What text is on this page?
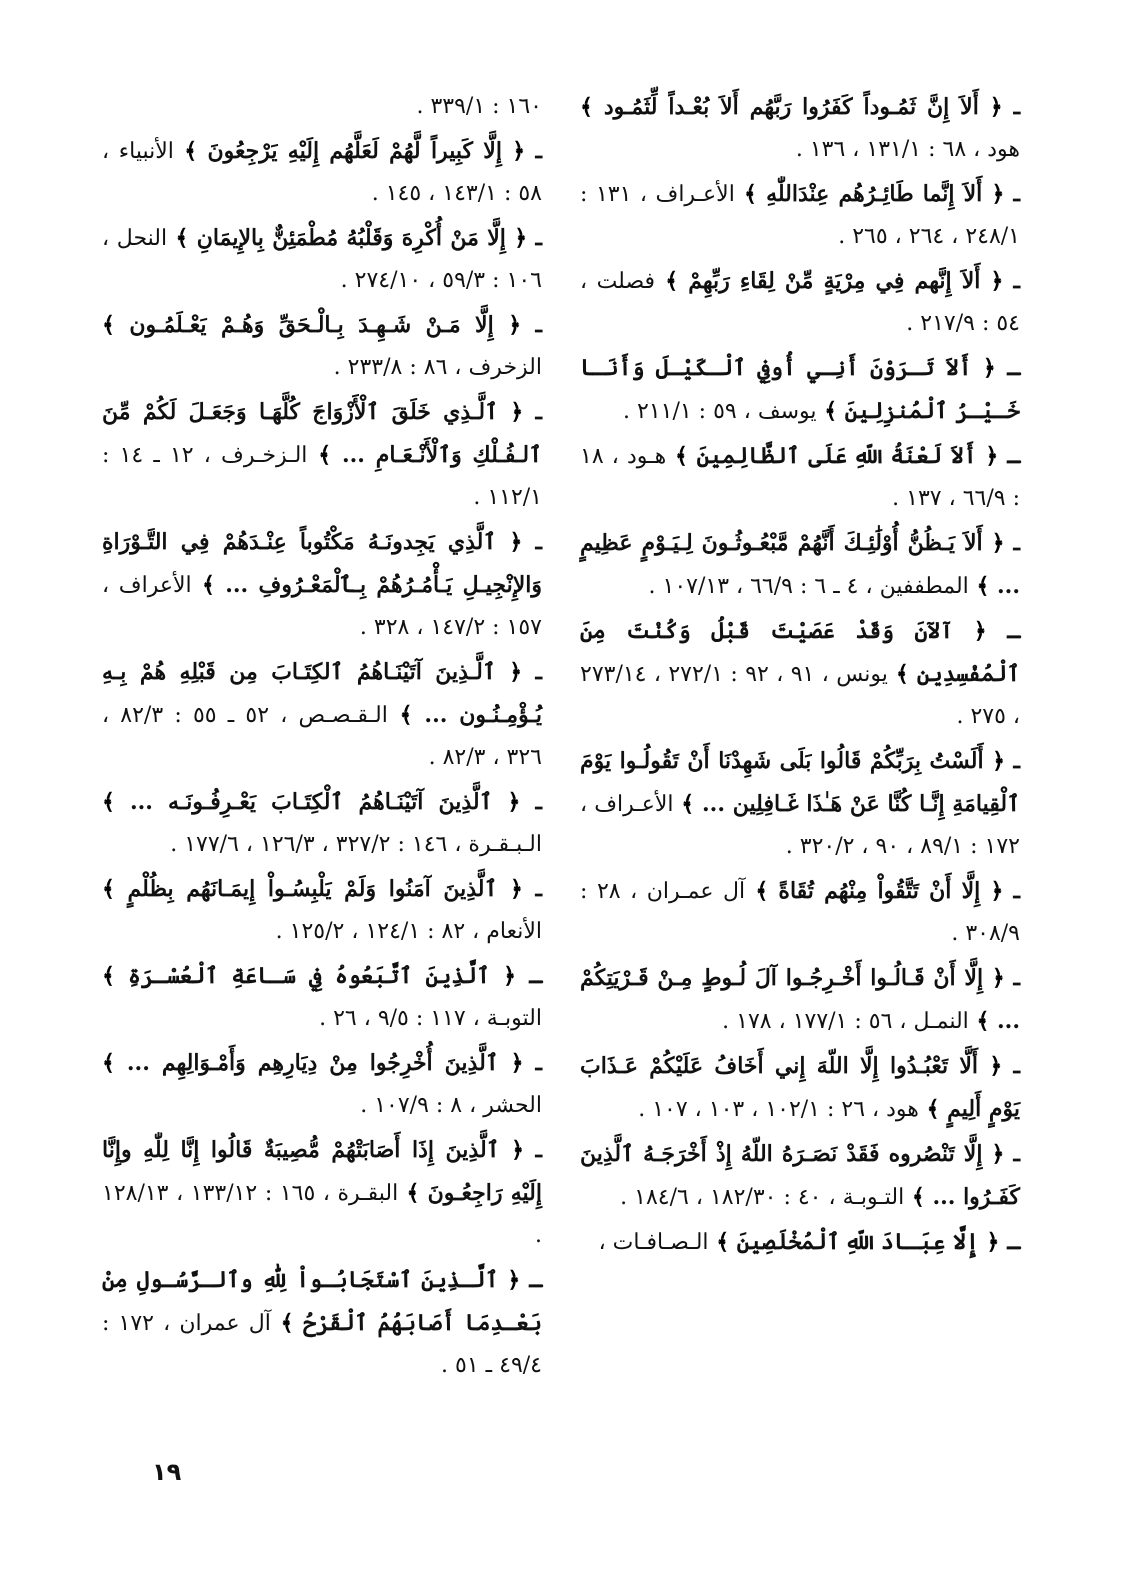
ـ ﴿ أَلاَ إِنَّ ثَمُـوداً كَفَرُوا رَبَّهُم أَلاَ بُعْـداً لِّثَمُـود ﴾ هود ، ٦٨ : ١٣١/١ ، ١٣٦ .

ـ ﴿ أَلاَ إِنَّما طَائِـرُهُم عِنْدَاللّٰهِ ﴾ الأعـراف ، ١٣١ : ٢٤٨/١ ، ٢٦٤ ، ٢٦٥ .

ـ ﴿ أَلاَ إِنَّهم فِي مِرْيَةٍ مِّنْ لِقَاءِ رَبِّهِمْ ﴾ فصلت ، ٥٤ : ٢١٧/٩ .

ـ ﴿ أَلاَ تَـرَوْنَ أَنِـي أُوفِي ٱلْـكَيْـلَ وَأَنَـا خَـيْـرُ ٱلْمُنزِلِينَ ﴾ يوسف ، ٥٩ : ٢١١/١ .

ـ ﴿ أَلاَ لَعْنَةُ اللّهِ عَلَى ٱلظَّالِمِينَ ﴾ هـود ، ١٨ : ٦٦/٩ ، ١٣٧ .

ـ ﴿ أَلاَ يَـظُنُّ أُوْلَٰئِـكَ أَنَّهُمْ مَّبْعُـوثُـونَ لِـيَـوْمٍ عَظِيمٍ ... ﴾ المطففين ، ٤ ـ ٦ : ٦٦/٩ ، ١٠٧/١٣ .

ـ ﴿ آلآنَ وَقَدْ عَصَيْتَ قَبْلُ وَكُنْتَ مِنَ ٱلْمُفْسِدِين ﴾ يونس ، ٩١ ، ٩٢ : ٢٧٢/١ ، ٢٧٣/١٤ ، ٢٧٥ .

ـ ﴿ أَلَسْتُ بِرَبِّكُمْ قَالُوا بَلَى شَهِدْنَا أَنْ تَقُولُـوا يَوْمَ ٱلْقِيامَةِ إِنَّـا كُنَّا عَنْ هَـٰذَا غَـافِلِين ... ﴾ الأعـراف ، ١٧٢ : ٨٩/١ ، ٩٠ ، ٣٢٠/٢ .

ـ ﴿ إِلَّا أَنْ تَتَّقُواْ مِنْهُم تُقَاةً ﴾ آل عمـران ، ٢٨ : ٣٠٨/٩ .

ـ ﴿ إِلَّا أَنْ قَـالُـوا أَخْـرِجُـوا آلَ لُـوطٍ مِـنْ قَـرْيَتِكُمْ ... ﴾ النمـل ، ٥٦ : ١٧٧/١ ، ١٧٨ .

ـ ﴿ أَلَّا تَعْبُـدُوا إِلَّا اللّهَ إِني أَخَافُ عَلَيْكُمْ عَـذَابَ يَوْمٍ أَلِيمٍ ﴾ هود ، ٢٦ : ١٠٢/١ ، ١٠٣ ، ١٠٧ .

ـ ﴿ إِلَّا تَنْصُروه فَقَدْ نَصَـرَهُ اللّهُ إِذْ أَخْرَجَـهُ ٱلَّذِينَ كَفَـرُوا ... ﴾ التـوبـة ، ٤٠ : ١٨٢/٣٠ ، ١٨٤/٦ .

ـ ﴿ إِلَّا عِبَـادَ اللّهِ ٱلْمُخْلَصِينَ ﴾ الـصـافـات ،

١٦٠ : ٣٣٩/١ .

ـ ﴿ إِلَّا كَبِيراً لَّهُمْ لَعَلَّهُم إِلَيْهِ يَرْجِعُونَ ﴾ الأنبياء ، ٥٨ : ١٤٣/١ ، ١٤٥ .

ـ ﴿ إِلَّا مَنْ أُكْرِهَ وَقَلْبُهُ مُطْمَئِنٌّ بِالإِيمَانِ ﴾ النحل ، ١٠٦ : ٥٩/٣ ، ٢٧٤/١٠ .

ـ ﴿ إِلَّا مَـنْ شَـهِـدَ بِـالْـحَقِّ وَهُـمْ يَعْـلَمُـون ﴾ الزخرف ، ٨٦ : ٢٣٣/٨ .

ـ ﴿ ٱلَّـذِي خَلَقَ ٱلْأَزْوَاجَ كُلَّهَـا وَجَعَـلَ لَكُمْ مِّنَ ٱلـفُـلْكِ وَٱلْأَنْـعَـامِ ... ﴾ الـزخـرف ، ١٢ ـ ١٤ : ١١٢/١ .

ـ ﴿ ٱلَّذِي يَجِدونَـهُ مَكْتُوباً عِنْـدَهُمْ فِي التَّـوْرَاةِ وَالإِنْجِيـلِ يَـأْمُـرُهُمْ بِـٱلْمَعْـرُوفِ ... ﴾ الأعراف ، ١٥٧ : ١٤٧/٢ ، ٣٢٨ .

ـ ﴿ ٱلَّـذِينَ آتَيْنَـاهُمُ ٱلكِتَـابَ مِن قَبْلِهِ هُمْ بِـهِ يُـؤْمِـنُـون ... ﴾ الـقـصـص ، ٥٢ ـ ٥٥ : ٨٢/٣ ، ٣٢٦ ، ٨٢/٣ .

ـ ﴿ ٱلَّذِينَ آتَيْنَـاهُمُ ٱلْكِتَـابَ يَعْـرِفُـونَـه ... ﴾ الـبـقـرة ، ١٤٦ : ٣٢٧/٢ ، ١٢٦/٣ ، ١٧٧/٦ .

ـ ﴿ ٱلَّذِينَ آمَنُوا وَلَمْ يَلْبِسُـواْ إِيمَـانَهُم بِظُلْمٍ ﴾ الأنعام ، ٨٢ : ١٢٤/١ ، ١٢٥/٢ .

ـ ﴿ ٱلَّذِينَ ٱتَّبَعُوهُ فِي سَـاعَةِ ٱلْعُسْـرَةِ ﴾ التوبـة ، ١١٧ : ٩/٥ ، ٢٦ .

ـ ﴿ ٱلَّذِينَ أُخْرِجُوا مِنْ دِيَارِهِم وَأَمْـوَالِهِم ... ﴾ الحشر ، ٨ : ١٠٧/٩ .

ـ ﴿ ٱلَّذِينَ إِذَا أَصَابَتْهُمْ مُّصِيبَةٌ قَالُوا إِنَّا لِلّٰهِ وإِنَّا إِلَيْهِ رَاجِعُـونَ ﴾ البقـرة ، ١٦٥ : ١٣٣/١٢ ، ١٢٨/١٣ .

ـ ﴿ ٱلَّـذِينَ ٱسْتَجَابُـواْ لِلّٰهِ وٱلـرَّسُـولِ مِنْ بَعْـدِمَا أَصَابَهُمُ ٱلْقَرْحُ ﴾ آل عمران ، ١٧٢ : ٤٩/٤ ـ ٥١ .

١٩
